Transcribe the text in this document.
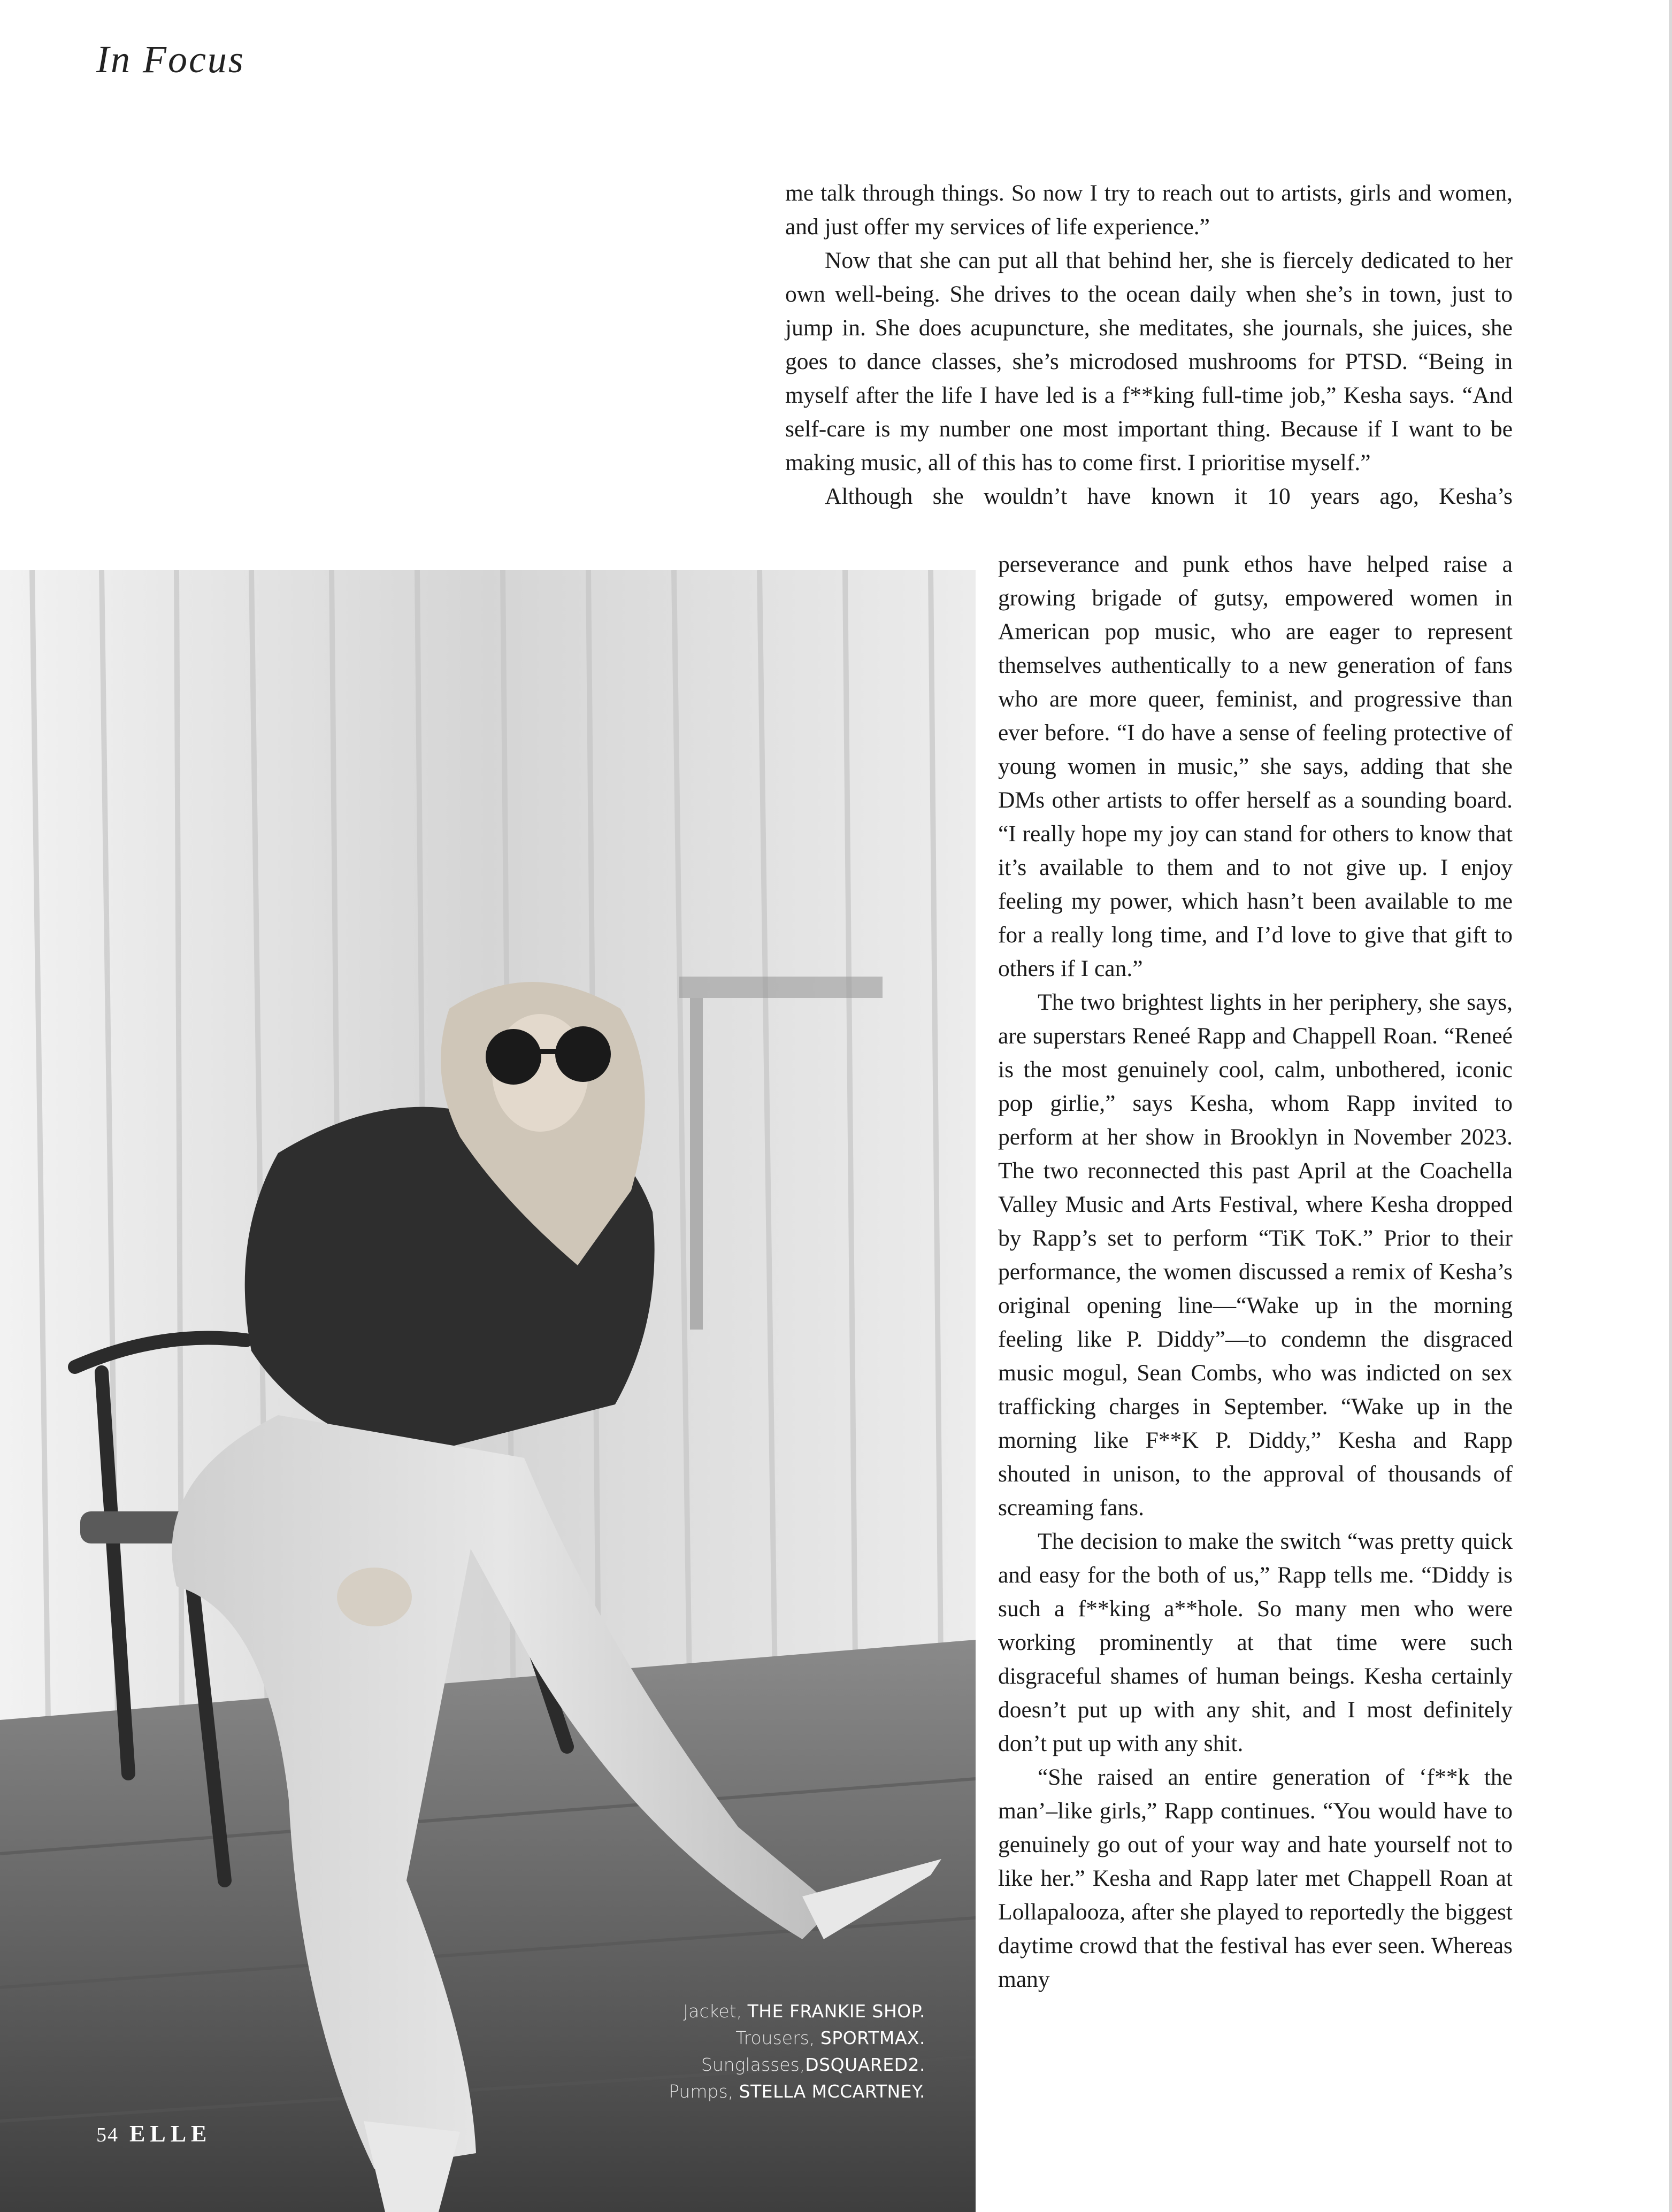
In Focus

me talk through things. So now I try to reach out to artists, girls and women, and just offer my services of life experience.”

Now that she can put all that behind her, she is fiercely dedicated to her own well-being. She drives to the ocean daily when she’s in town, just to jump in. She does acupuncture, she meditates, she journals, she juices, she goes to dance classes, she’s microdosed mushrooms for PTSD. “Being in myself after the life I have led is a f**king full-time job,” Kesha says. “And self-care is my number one most important thing. Because if I want to be making music, all of this has to come first. I prioritise myself.”

Although she wouldn’t have known it 10 years ago, Kesha’s

Jacket, THE FRANKIE SHOP.
Trousers, SPORTMAX.
Sunglasses,DSQUARED2.
Pumps, STELLA MCCARTNEY.
54 ELLE

perseverance and punk ethos have helped raise a growing brigade of gutsy, empowered women in American pop music, who are eager to represent themselves authentically to a new generation of fans who are more queer, feminist, and progressive than ever before. “I do have a sense of feeling protective of young women in music,” she says, adding that she DMs other artists to offer herself as a sounding board. “I really hope my joy can stand for others to know that it’s available to them and to not give up. I enjoy feeling my power, which hasn’t been available to me for a really long time, and I’d love to give that gift to others if I can.”

The two brightest lights in her periphery, she says, are superstars Reneé Rapp and Chappell Roan. “Reneé is the most genuinely cool, calm, unbothered, iconic pop girlie,” says Kesha, whom Rapp invited to perform at her show in Brooklyn in November 2023. The two reconnected this past April at the Coachella Valley Music and Arts Festival, where Kesha dropped by Rapp’s set to perform “TiK ToK.” Prior to their performance, the women discussed a remix of Kesha’s original opening line—“Wake up in the morning feeling like P. Diddy”—to condemn the disgraced music mogul, Sean Combs, who was indicted on sex trafficking charges in September. “Wake up in the morning like F**K P. Diddy,” Kesha and Rapp shouted in unison, to the approval of thousands of screaming fans.

The decision to make the switch “was pretty quick and easy for the both of us,” Rapp tells me. “Diddy is such a f**king a**hole. So many men who were working prominently at that time were such disgraceful shames of human beings. Kesha certainly doesn’t put up with any shit, and I most definitely don’t put up with any shit.

“She raised an entire generation of ‘f**k the man’–like girls,” Rapp continues. “You would have to genuinely go out of your way and hate yourself not to like her.” Kesha and Rapp later met Chappell Roan at Lollapalooza, after she played to reportedly the biggest daytime crowd that the festival has ever seen. Whereas many
